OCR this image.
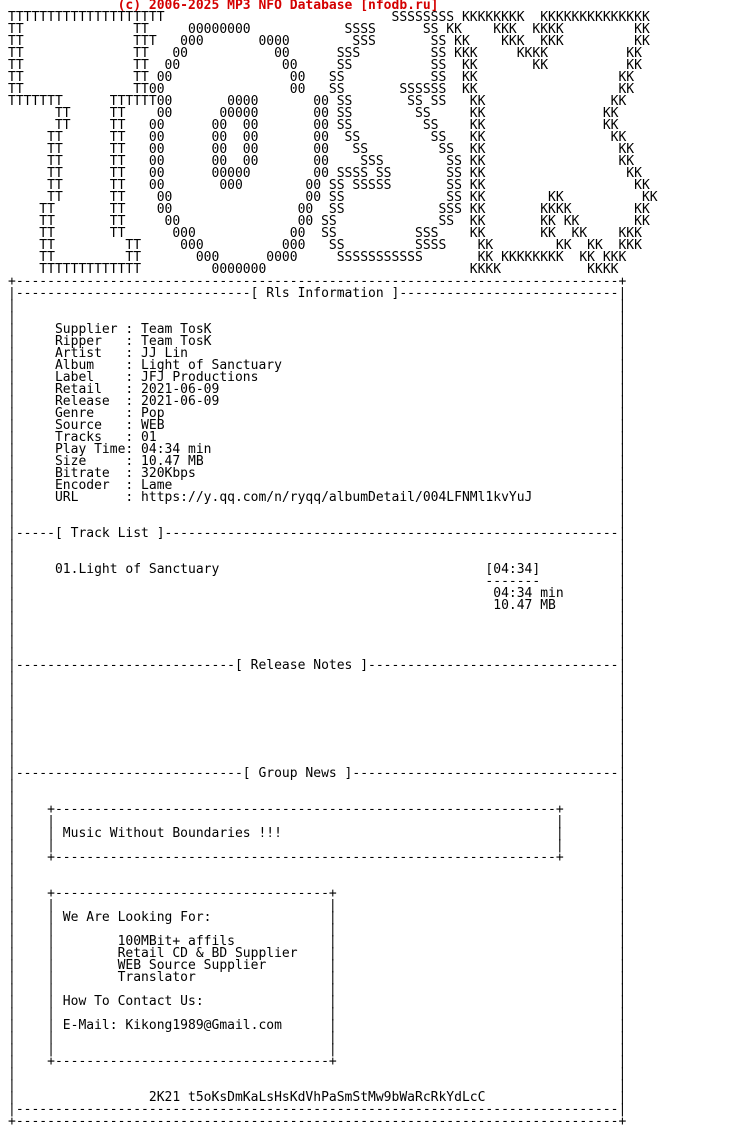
(c) 2006-2025 MP3 NFO Database [nfodb.ru]
TTTTTTTTTTTTTTTTTTTT                             SSSSSSSS KKKKKKKK  KKKKKKKKKKKKKK
TT              TT     00000000            SSSS      SS KK    KKK  KKKK         KK
TT              TTT   000       0000        SSS       SS KK    KKK  KKK         KK
TT              TT   00           00      SSS         SS KKK     KKKK          KK
TT              TT  00             00     SS          SS  KK       KK          KK
TT              TT 00               00   SS           SS  KK                  KK
TT              TT00                00   SS       SSSSSS  KK                  KK
TTTTTTT      TTTTTT00       0000       00 SS       SS SS   KK                KK
TT     TT    00      00000       00 SS        SS     KK               KK
TT     TT   00      00  00       00 SS         SS    KK               KK
TT      TT   00      00  00       00  SS         SS   KK                KK
TT      TT   00      00  00       00   SS         SS  KK                 KK
TT      TT   00      00  00       00    SSS        SS KK                 KK
TT      TT   00      00000        00 SSSS SS       SS KK                  KK
TT      TT   00       000        00 SS SSSSS       SS KK                   KK
TT      TT    00                 00 SS             SS KK        KK          KK
TT       TT    00                00  SS            SSS KK       KKKK        KK
TT       TT     00               00 SS             SS  KK       KK KK       KK
TT       TT      000            00  SS          SSS    KK       KK  KK    KKK
TT         TT     000          000   SS         SSSS    KK        KK  KK  KKK
TT         TT       000      0000     SSSSSSSSSSS       KK KKKKKKKK  KK KKK
TTTTTTTTTTTTT         0000000                          KKKK           KKKK
+-----------------------------------------------------------------------------+
|------------------------------[ Rls Information ]----------------------------|
|                                                                             |
|                                                                             |
|     Supplier : Team TosK                                                    |
|     Ripper   : Team TosK                                                    |
|     Artist   : JJ Lin                                                       |
|     Album    : Light of Sanctuary                                           |
|     Label    : JFJ Productions                                              |
|     Retail   : 2021-06-09                                                   |
|     Release  : 2021-06-09                                                   |
|     Genre    : Pop                                                          |
|     Source   : WEB                                                          |
|     Tracks   : 01                                                           |
|     Play Time: 04:34 min                                                    |
|     Size     : 10.47 MB                                                     |
|     Bitrate  : 320Kbps                                                      |
|     Encoder  : Lame                                                         |
|     URL      : https://y.qq.com/n/ryqq/albumDetail/004LFNMl1kvYuJ           |
|                                                                             |
|                                                                             |
|-----[ Track List ]----------------------------------------------------------|
|                                                                             |
|                                                                             |
|     01.Light of Sanctuary                                  [04:34]          |
|                                                            -------          |
|                                                             04:34 min       |
|                                                             10.47 MB        |
|                                                                             |
|                                                                             |
|                                                                             |
|                                                                             |
|----------------------------[ Release Notes ]--------------------------------|
|                                                                             |
|                                                                             |
|                                                                             |
|                                                                             |
|                                                                             |
|                                                                             |
|                                                                             |
|                                                                             |
|-----------------------------[ Group News ]----------------------------------|
|                                                                             |
|                                                                             |
|    +----------------------------------------------------------------+       |
|    |                                                                |       |
|    | Music Without Boundaries !!!                                   |       |
|    |                                                                |       |
|    +----------------------------------------------------------------+       |
|                                                                             |
|                                                                             |
|    +-----------------------------------+                                    |
|    |                                   |                                    |
|    | We Are Looking For:               |                                    |
|    |                                   |                                    |
|    |        100MBit+ affils            |                                    |
|    |        Retail CD & BD Supplier    |                                    |
|    |        WEB Source Supplier        |                                    |
|    |        Translator                 |                                    |
|    |                                   |                                    |
|    | How To Contact Us:                |                                    |
|    |                                   |                                    |
|    | E-Mail: Kikong1989@Gmail.com      |                                    |
|    |                                   |                                    |
|    |                                   |                                    |
|    +-----------------------------------+                                    |
|                                                                             |
|                                                                             |
|                 2K21 t5oKsDmKaLsHsKdVhPaSmStMw9bWaRcRkYdLcC                 |
|-----------------------------------------------------------------------------|
+-----------------------------------------------------------------------------+
